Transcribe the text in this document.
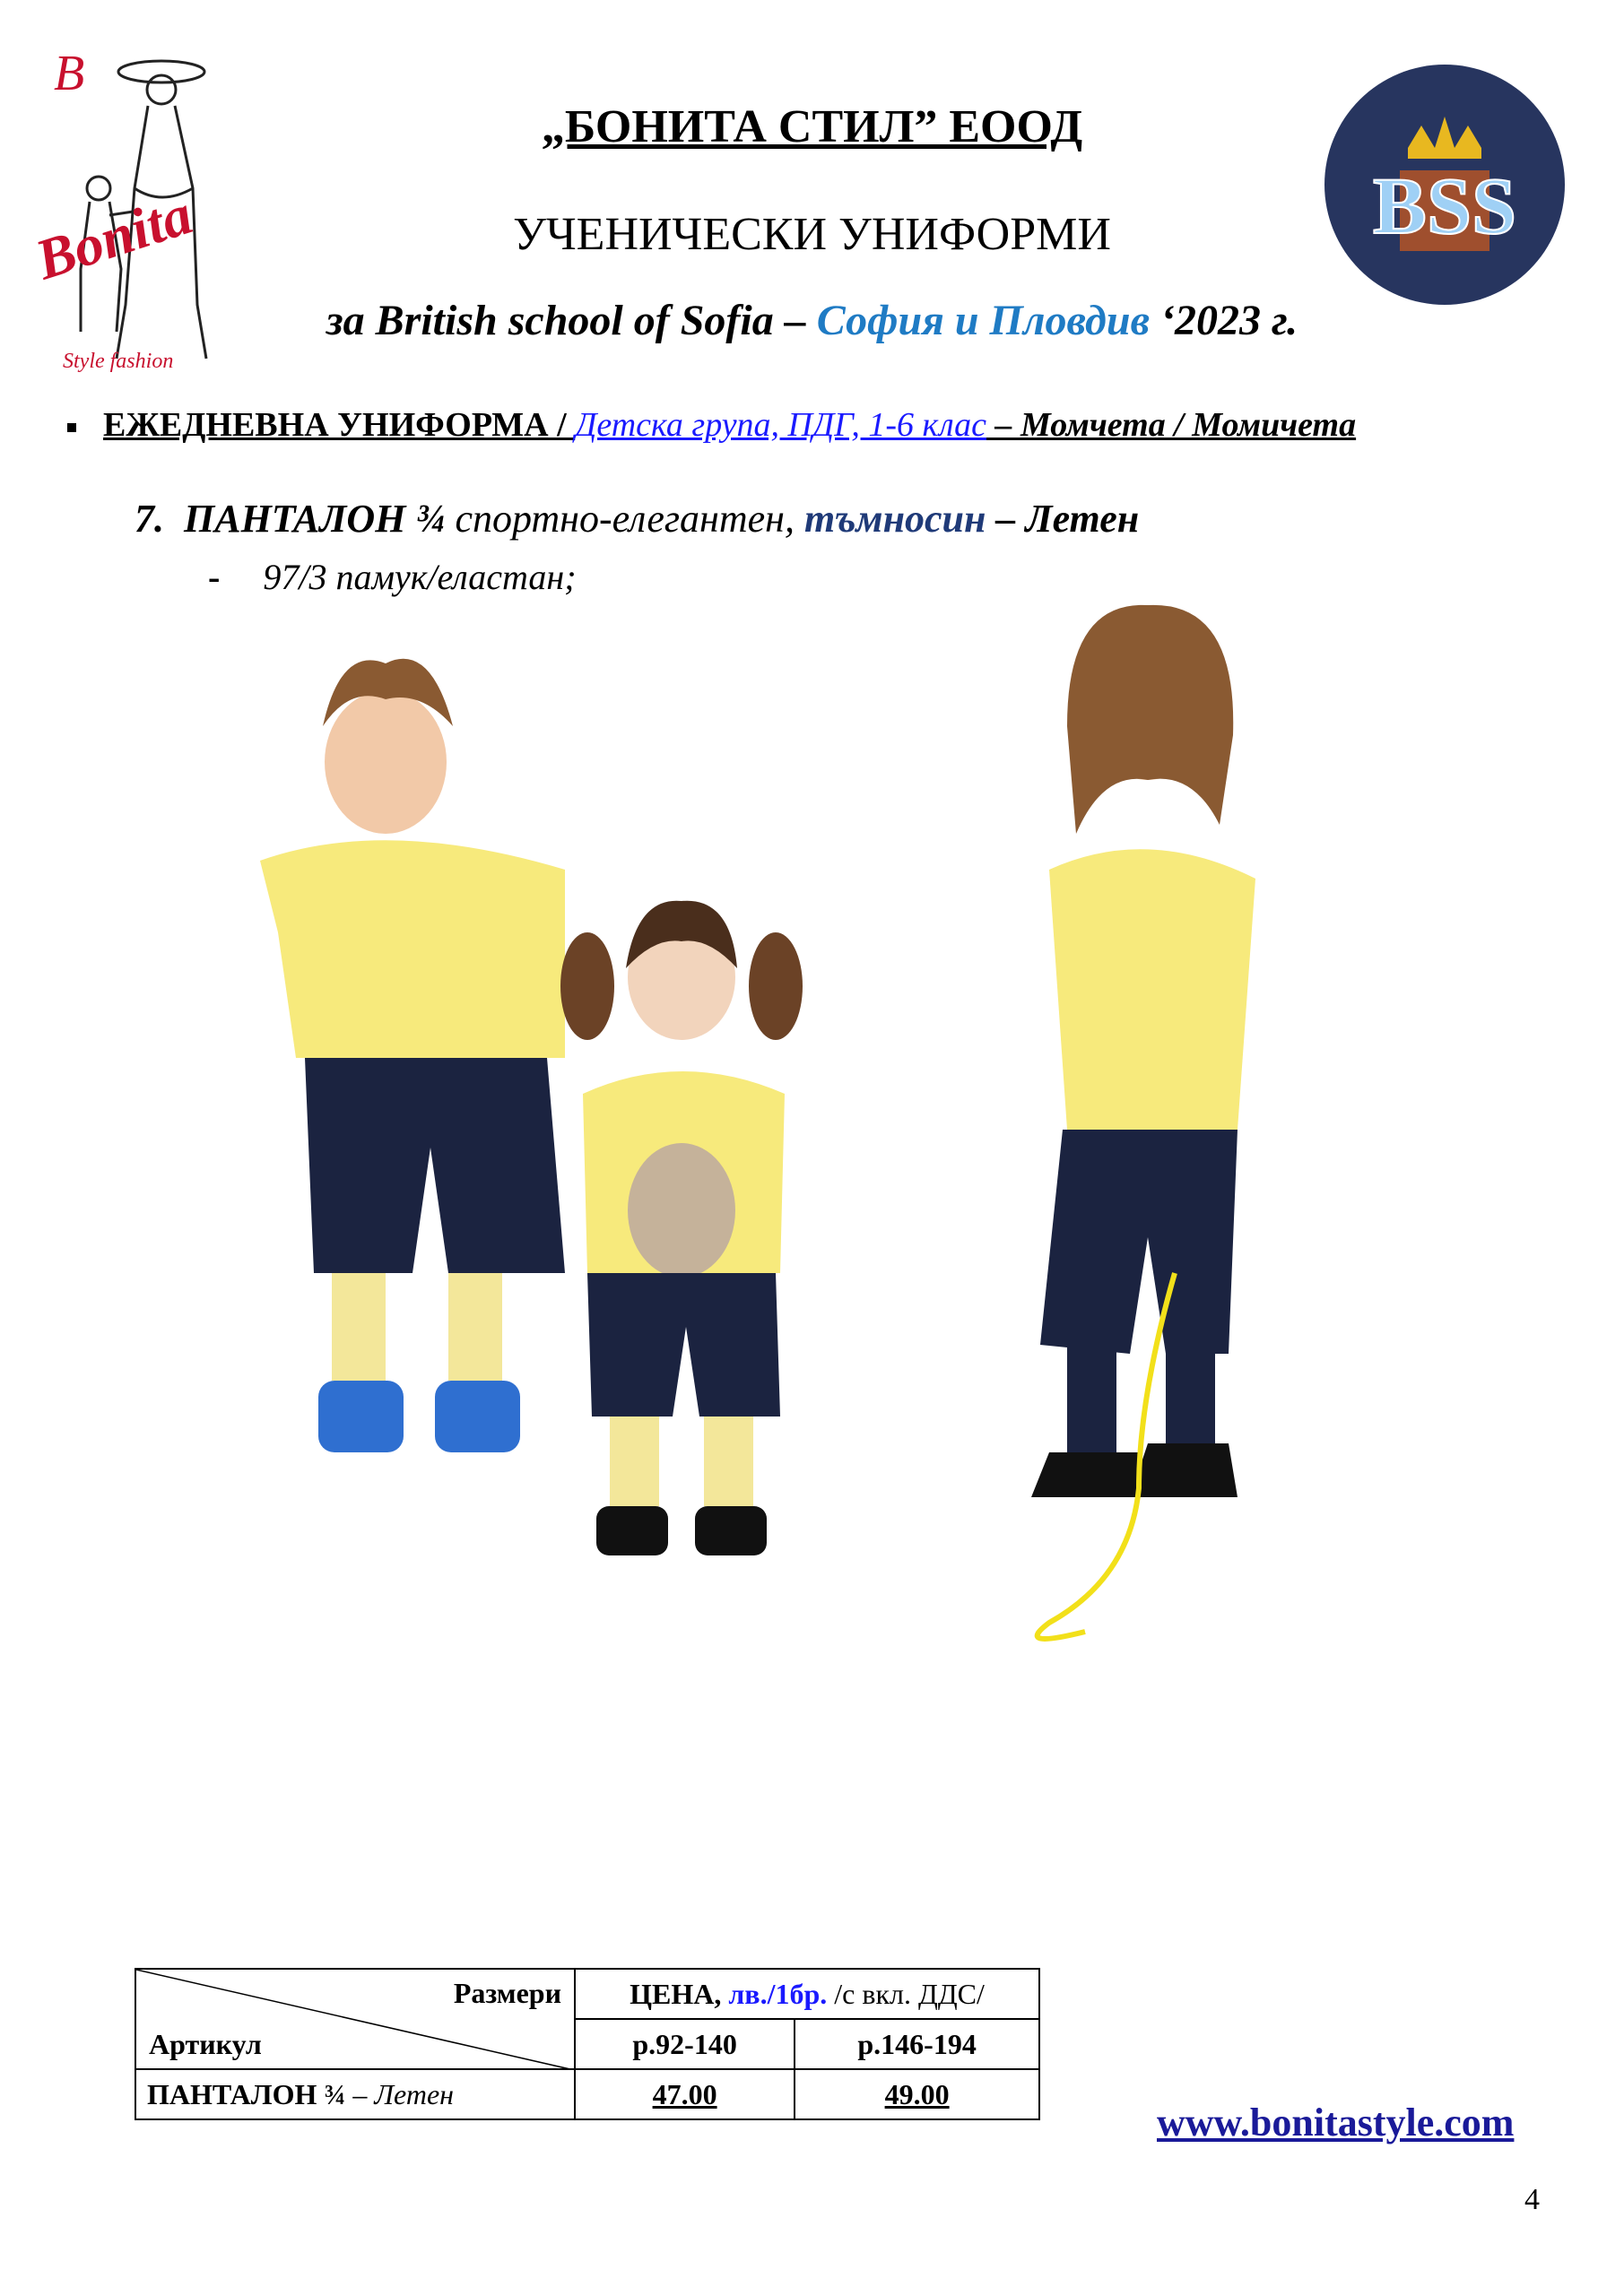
B
Bonita
Style fashion
BSS
„БОНИТА СТИЛ” ЕООД
УЧЕНИЧЕСКИ УНИФОРМИ
за British school of Sofia – София и Пловдив ‘2023 г.
ЕЖЕДНЕВНА УНИФОРМА / Детска група, ПДГ, 1-6 клас – Момчета / Момичета
7. ПАНТАЛОН ¾ спортно-елегантен, тъмносин – Летен
- 97/3 памук/еластан;
Размери
Артикул	ЦЕНА, лв./1бр. /с вкл. ДДС/	
	р.92-140	р.146-194
ПАНТАЛОН ¾ – Летен	47.00	49.00
www.bonitastyle.com
4
